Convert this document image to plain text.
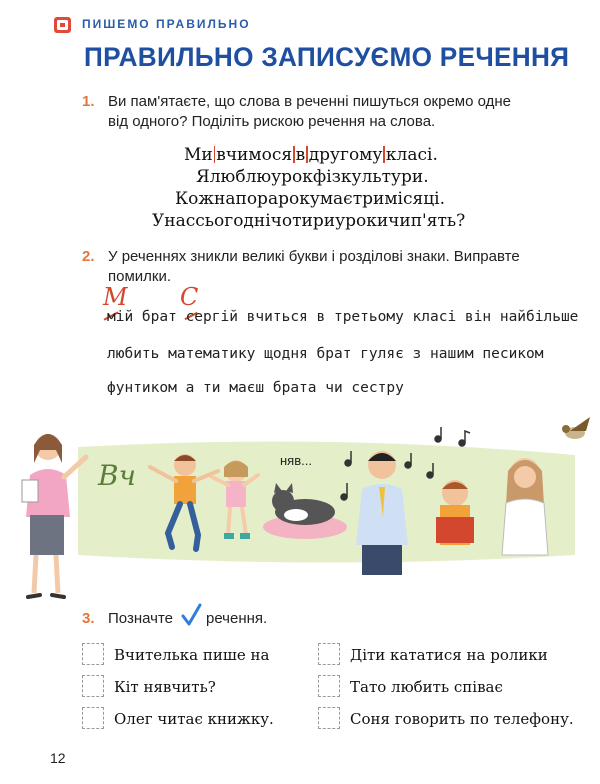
ПИШЕМО ПРАВИЛЬНО
ПРАВИЛЬНО ЗАПИСУЄМО РЕЧЕННЯ
1. Ви пам'ятаєте, що слова в реченні пишуться окремо одне від одного? Поділіть рискою речення на слова.
Ми вчимося в другому класі.
Ялюблюурокфізкультури.
Кожнапорарокумаєтримісяці.
Унассьогоднічотириурокичип'ять?
2. У реченнях зникли великі букви і розділові знаки. Виправте помилки.
М С
мій брат сергій вчиться в третьому класі він найбільше
любить математику щодня брат гуляє з нашим песиком
фунтиком а ти маєш брата чи сестру
Вч	няв...
3. Позначте речення.
Вчителька пише на
Кіт нявчить?
Олег читає книжку.
Діти кататися на ролики
Тато любить співає
Соня говорить по телефону.
12
